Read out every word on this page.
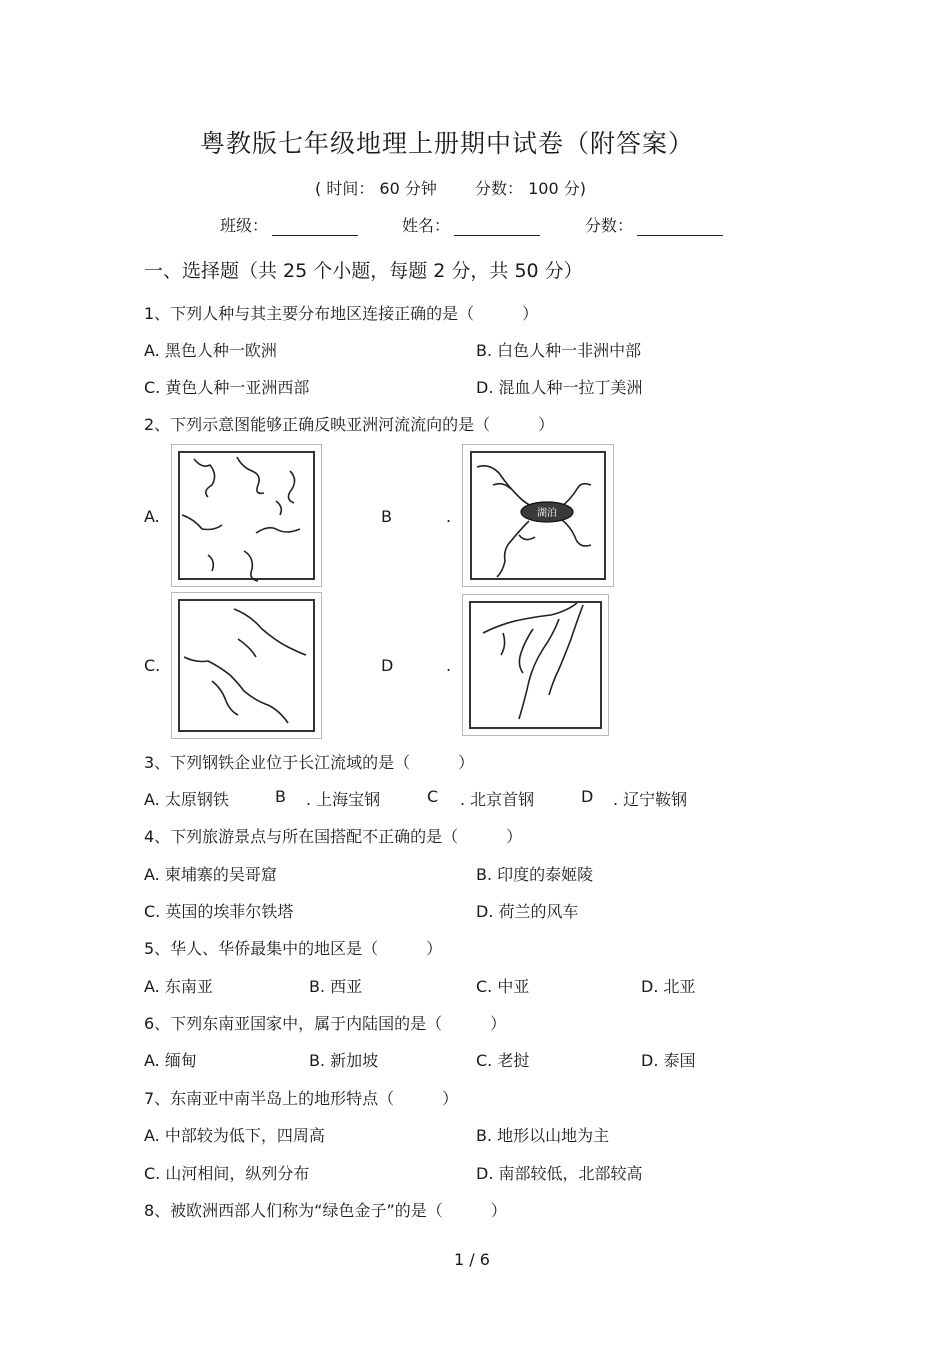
粤教版七年级地理上册期中试卷（附答案）
( 时间： 60 分钟 分数： 100 分)
班级：	姓名：	分数：
一、选择题（共 25 个小题，每题 2 分，共 50 分）
1、下列人种与其主要分布地区连接正确的是（　　　）
A. 黑色人种一欧洲	B. 白色人种一非洲中部
C. 黄色人种一亚洲西部	D. 混血人种一拉丁美洲
2、下列示意图能够正确反映亚洲河流流向的是（　　　）
A.	B	.	湖泊
C.	D	.
3、下列钢铁企业位于长江流域的是（　　　）
A. 太原钢铁	B . 上海宝钢	C . 北京首钢	D . 辽宁鞍钢
4、下列旅游景点与所在国搭配不正确的是（　　　）
A. 柬埔寨的吴哥窟	B. 印度的泰姬陵
C. 英国的埃菲尔铁塔	D. 荷兰的风车
5、华人、华侨最集中的地区是（　　　）
A. 东南亚	B. 西亚	C. 中亚	D. 北亚
6、下列东南亚国家中，属于内陆国的是（　　　）
A. 缅甸	B. 新加坡	C. 老挝	D. 泰国
7、东南亚中南半岛上的地形特点（　　　）
A. 中部较为低下，四周高	B. 地形以山地为主
C. 山河相间，纵列分布	D. 南部较低，北部较高
8、被欧洲西部人们称为“绿色金子”的是（　　　）
1 / 6
